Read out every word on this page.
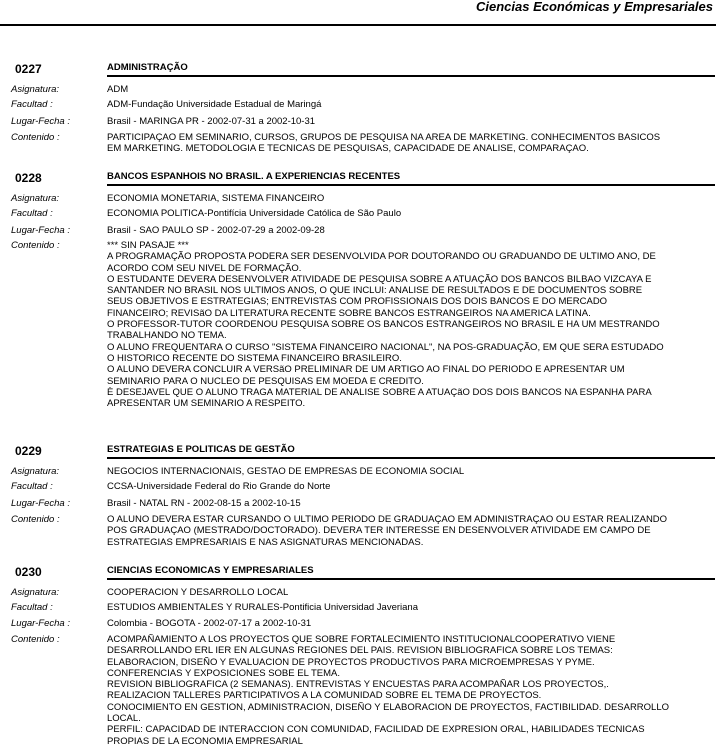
Ciencias Económicas y Empresariales
0227	ADMINISTRAÇÃO
Asignatura:	ADM
Facultad :	ADM-Fundação Universidade Estadual de Maringá
Lugar-Fecha :	Brasil - MARINGA PR - 2002-07-31 a 2002-10-31
Contenido :	PARTICIPAÇAO EM SEMINARIO, CURSOS, GRUPOS DE PESQUISA NA AREA DE MARKETING. CONHECIMENTOS BASICOS
EM MARKETING. METODOLOGIA E TECNICAS DE PESQUISAS, CAPACIDADE DE ANALISE, COMPARAÇAO.
0228	BANCOS ESPANHOIS NO BRASIL. A EXPERIENCIAS RECENTES
Asignatura:	ECONOMIA MONETARIA, SISTEMA FINANCEIRO
Facultad :	ECONOMIA POLITICA-Pontifícia Universidade Católica de São Paulo
Lugar-Fecha :	Brasil - SAO PAULO SP - 2002-07-29 a 2002-09-28
Contenido :	*** SIN PASAJE ***
A PROGRAMAÇÃO PROPOSTA PODERA SER DESENVOLVIDA POR DOUTORANDO OU GRADUANDO DE ULTIMO ANO, DE
ACORDO COM SEU NIVEL DE FORMAÇÃO.
O ESTUDANTE DEVERA DESENVOLVER ATIVIDADE DE PESQUISA SOBRE A ATUAÇÃO DOS BANCOS BILBAO VIZCAYA E
SANTANDER NO BRASIL NOS ULTIMOS ANOS, O QUE INCLUI: ANALISE DE RESULTADOS E DE DOCUMENTOS SOBRE
SEUS OBJETIVOS E ESTRATEGIAS; ENTREVISTAS COM PROFISSIONAIS DOS DOIS BANCOS E DO MERCADO
FINANCEIRO; REVISãO DA LITERATURA RECENTE SOBRE BANCOS ESTRANGEIROS NA AMERICA LATINA.
O PROFESSOR-TUTOR COORDENOU PESQUISA SOBRE OS BANCOS ESTRANGEIROS NO BRASIL E HA UM MESTRANDO
TRABALHANDO NO TEMA.
O ALUNO FREQUENTARA O CURSO "SISTEMA FINANCEIRO NACIONAL", NA POS-GRADUAÇÃO, EM QUE SERA ESTUDADO
O HISTORICO RECENTE DO SISTEMA FINANCEIRO BRASILEIRO.
O ALUNO DEVERA CONCLUIR A VERSãO PRELIMINAR DE UM ARTIGO AO FINAL DO PERIODO E APRESENTAR UM
SEMINARIO PARA O NUCLEO DE PESQUISAS EM MOEDA E CREDITO.
È DESEJAVEL QUE O ALUNO TRAGA MATERIAL DE ANALISE SOBRE A ATUAÇãO DOS DOIS BANCOS NA ESPANHA PARA
APRESENTAR UM SEMINARIO A RESPEITO.
0229	ESTRATEGIAS E POLITICAS DE GESTÃO
Asignatura:	NEGOCIOS INTERNACIONAIS, GESTAO DE EMPRESAS DE ECONOMIA SOCIAL
Facultad :	CCSA-Universidade Federal do Rio Grande do Norte
Lugar-Fecha :	Brasil - NATAL RN - 2002-08-15 a 2002-10-15
Contenido :	O ALUNO DEVERA ESTAR CURSANDO O ULTIMO PERIODO DE GRADUAÇAO EM ADMINISTRAÇAO OU ESTAR REALIZANDO
POS GRADUAÇAO (MESTRADO/DOCTORADO). DEVERA TER INTERESSE EN DESENVOLVER ATIVIDADE EM CAMPO DE
ESTRATEGIAS EMPRESARIAIS E NAS ASIGNATURAS MENCIONADAS.
0230	CIENCIAS ECONOMICAS Y EMPRESARIALES
Asignatura:	COOPERACION Y DESARROLLO LOCAL
Facultad :	ESTUDIOS AMBIENTALES Y RURALES-Pontificia Universidad Javeriana
Lugar-Fecha :	Colombia - BOGOTA - 2002-07-17 a 2002-10-31
Contenido :	ACOMPAÑAMIENTO A LOS PROYECTOS QUE SOBRE FORTALECIMIENTO INSTITUCIONALCOOPERATIVO VIENE
DESARROLLANDO ERL IER EN ALGUNAS REGIONES DEL PAIS. REVISION BIBLIOGRAFICA SOBRE LOS TEMAS:
ELABORACION, DISEÑO Y EVALUACION DE PROYECTOS PRODUCTIVOS PARA MICROEMPRESAS Y PYME.
CONFERENCIAS Y EXPOSICIONES SOBE EL TEMA.
REVISION BIBLIOGRAFICA (2 SEMANAS). ENTREVISTAS Y ENCUESTAS PARA ACOMPAÑAR LOS PROYECTOS,.
REALIZACION TALLERES PARTICIPATIVOS A LA COMUNIDAD SOBRE EL TEMA DE PROYECTOS.
CONOCIMIENTO EN GESTION, ADMINISTRACION, DISEÑO Y ELABORACION DE PROYECTOS, FACTIBILIDAD. DESARROLLO
LOCAL.
PERFIL: CAPACIDAD DE INTERACCION CON COMUNIDAD, FACILIDAD DE EXPRESION ORAL, HABILIDADES TECNICAS
PROPIAS DE LA ECONOMIA EMPRESARIAL
